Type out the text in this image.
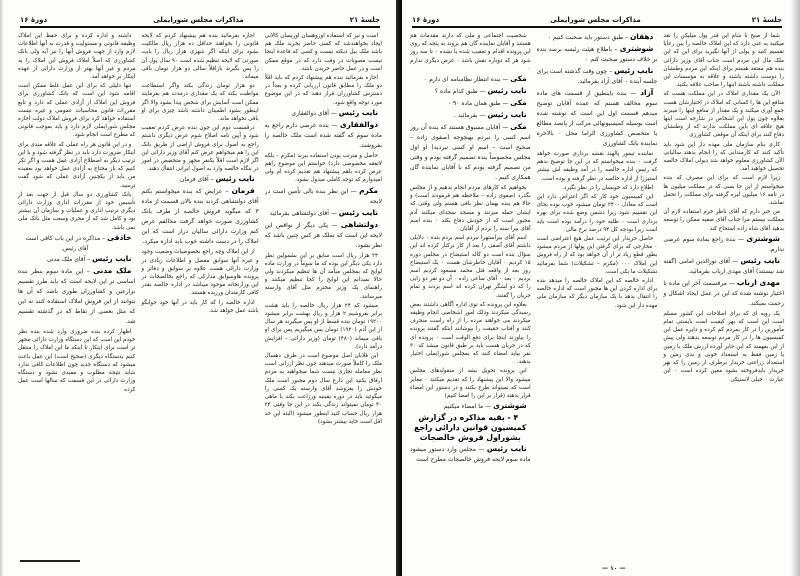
جلسهٔ ۲۱
مذاکرات مجلس شورایملی
دورهٔ ۱۶

است و نیز که استفاده اوزوهسان اوریسان کالانی ایجاد بخواهندشد که کسی حاضر بخرید ملک هم باشد ملک بیل دیکته نیست و کسی که قاعدهٔ اینجا نیست مصوبات در وقت دارد که در موقع ممکن است و در عمل حاضر خریدن باشد.

اجازه بفرمائید بنده هم پیشنهاد کردم که باید اقلاً دو ملک را مطابق قانون ارزیابی کرده و بعداً در دسترس کشاورزان قرار دهند که در این موضوع مورد توجه واقع شود.

نایب رئیس — آقای ذوالفقاری

ذوالفقاری — بنده عرضی دارم راجع به ماده سوم که گفته شده است ملک خالصه را بفروشند.

حاصل و مترتب بودن استفاده ببرند (مکرم – بلکه لاتفقه مخصوصی دارد) خواستم این موضوع راهم عرض کرده باهم پیشنهاد هم تقدیم کرده ام ولی امیدوارم که توجه کاملی مبذول بشود.

مکرم — این نظر بنده بالی تأمین است در لایحه

نایب رئیس — آقای دولتشاهی بفرمائید

دولتشاهی — یکی دیگر از نواقص این لایحه این است که تملک هر کس چنین باشد که نظر بشود.

۲۴ هزار ریال است سابق بر این بشمولین نظر دارد یکی دیگر این بوده که ما سوماً در وزارت ماده لوایح که بمجلس میآمد آن ها تنظیم میکردند ولی حالا نمیدانم این لوایح را کجا تنظیم میکنند و راهنمای یک وزیر محترم مثل آقای وارسته میرسانند.

میشود که ۲۴ هزار ریال خالصه را باید هشت برابر بفروشیم ۲ هزار و ریال بهشت برابر میشود ۱۹۲۰۰ تومان بنده قسط از او پس میگیرند هر سال از این آدم (۱۹۲۰) تومان پس میگیریم پس برای او باقی میماند (۴۸۰) تومان (وزیر دارائی – افزایش درآمد دارد).

این قلابان اصل موضوع است در طرف دهسال ملک را کاملاً صورت میدهند چون نظر ارزانی است نظر معامله تجاری نیست شما میخواهید به مردم ارفاق بکنید این ذارع سال دوم مجبور است ملک خودش را بفروشد آقای وارسته یک کسی را میگوئید باید در دوره یقینیه ورزاعت بکند با ماهی ۴۰ تومان نمیتواند زندگی بکند در این جا وقتی ۲۴ هزار ریال حساب کنید اینطور میشود (البته این حد اقل است خاید بیشتر بشود)

اجازه بفرمائید بنده هم پیشنهاد کردم که لایحه قانونی را بخواهند حداقل ده هزار ریال مالکیت بشود برای اینکه اگر شهری هزار ریال را بابت صورتی که لایحه تنظیم شده است ۹۰ سال پول آن را پس بگیرند بازاقلاً سالی دو هزار تومان باقی میماند.

دو هزار تومان زندگی بکند واگر استطاعت مواظبت بکند که یک مقداری درمدت هم بفرمایند ممکن است آسایش برای شخص پیدا بشود والا اگر اینطور بشود اطمینان داشته باشد چیزی برای او باقی نخواهد ماند.

درقسمت دوم این چون بنده عرض کردم تعقیب شود و آیین نامه اصلاح شوم عرض دیگری داشتم راجع به اصول برای فروش اراضی از طریق بانک این را هم میخواهم عرض کنم آقای وزیر دارائی این اگر لازم است اقلاً یکنفر مجهز و متخصص در امور در بنگاه خالصه وارد به اصول ایرانی انتقال دهند.

نایب رئیس – آقای فرمان

فرمان – عرایض که بنده میخواستم بکنم آقای دولتشاهی کردند بنده بالان قسمت از ماده ۳ که میگوید فروش خالصه از طرف بانک کشاورزی صورت خواهد گرفت مخالفم عرض کنم وزارت دارائی سالیان دراز است که این املاک را در دست داشته خوب باید اداره میکرد.

از این املاک وچه راجع بخصوصیات وضعیت وجود و غیره آنها سوابق مفصل و اطلاعات زیادی در وزارت دارائی هست علاوه بر سوابق و دفاتر و پرونده هاوسوابق مدارکی که راجع بخالصجات در این وزارتخانه موجود میباشد در اداره خالصه بقدر کافی کارمندان ورزیده هستند.

اداره خالصه را که کار باید در آنها خود جوابگو باشد عمل خواهد شد.

داشته و اداره کرده و برای حفظ این املاک وظیفه قانونی و مسئولیت و قدرت به آنها اطلاعات لازم وارد از جهت فروش آنها را نیز آیه ولی بانک کشاورزی که اصلاً املاک فروش این املاک را به مردم و غیر آنها بهتر از وزارت دارائی از عهده اینکار بر خواهد آمد.

تنها دلیلی که برای این عمل غلط ممکن است اقامه شود این است که بانک کشاورزی برای فروش این املاک از آزادی عملی که دارد و تابع مقررات قانون محاسبات عمومی و غیره نیست استفاده خواهد کرد برای فروش املاک دولت اجازه مجلس شورایملی لازم دارد و باید بموجب قانونی که مطرح است انجام شود.

و در این قانون هر راه عملی که علاقه مندی برای اینکار ضرورت دارد باید در نظر گرفته شود و با این ترتیب دیگر به اصطلاح آزادی عمل هست و اگر تکر کنیم که باز محتاج به آزادی عمل خواهد بود بعقیده من باید از یکچنین آزادی عملی که شود گفت ترسید.

بانک کشاورزی دو سال قبل از جهت بعد از تأسیس خود از مقررات اداری وزارت دارائی دیگری ترتیب اداری و عملیات و سازمان آن بیشتر بود و کامل شد که از مجری وسعت مثل بانک ملی نمی باشد.

حاذقی – مذاکره در این باب کافی است

آقای رئیس.

نایب رئیس – آقای ملک مدنی

ملک مدنی – این ماده سوم بنظر بنده اساسی تر این لایحه است که باید طرز تقسیم بزارعین و کشاورزان طوری باشد که آن ها بتوانند از این فروش املاک استفاده کنند نه این که مثل بعضی از نقاط که در گذشته تقسیم شد.

اظهار کرده بنده ضروری وارد شده بنده نظر خودم این است که این دستگاه وزارت دارائی مجهز تر است برای اینکار تا اینکه ما این املاک را منتقل کنیم بدستگاه دیگری (صحیح است) این عمل باعث میشود که دستگاه جدید چون اطلاعات کافی ندارد شاید نتیجه مطلوب و مفیدی نشود و دستگاه وزارت دارائی در این قسمت که سالها است عمل کرده

جلسهٔ ۲۱
مذاکرات مجلس شورایملی
دورهٔ ۱۶

شما از صبح تا شام این قدر پول میلیکن را نقد میکنید به عنی دارد که این املاک خالصه را بین رعایا تقسیم کنید و یولی از آنها نگیرید برای این که این ملک مال این مردم است جناب آقای وزیر دارائی بنده هم معتقد هستم برای اینکه این مردم وطنشان را دوست داشته باشند و علاقه به مؤسسات این مملکت داشته باشند اینها را صاحب علاقه بکنید.

الآن یک مقداری املاک در این مملکت هست که منافع این ها را کسانی که املاک در اختیارشان هست جمع آوری میکنند و یک مقدار از منافع اینها را میبرند بعلاوه چون پول این اشخاص در شارجه است اینها هیچ علاقه ای باین مملکت ندارند که از وطنشان دفاع کنند برای اینکه آن موقعی کشاورزی

کاری بنام سازمان ملی مهده دار این شود باید تأکید کنند که کارمندانی که را انجام بدهند سالیانی الآن کشاورزی معلوم خواهد شد دیولی املاک خالصه تحصیل خواهید آمد.

زیرا لازم است که برای این مصرف که بنده میخواستم از این جا بسی که در مملکت میلیون ها در تامه ۱۶ میلیون لیره گرفته برای مملکت را تحمل نماشد.

من خبر دارم که آقای ناظر خرم استفاده لازم آن مملکت نیستم مرا جناب آقای صفیه ممکن را توسعه بدهید آقای شاه زاده استحاج کند

شوشتری — بنده راجع بماده سوم عرضی ندارم.

نایب رئیس — آقای نورالدین امامی (گفته شد نیستند) آقای مهدی ارباب بفرمائید.

مهدی ارباب — مرقسمت آخر این ماده با اختیار نوشته شده که این در عمل ایجاد اشکال و زحمت بمیکند.

یک رویه ای که برای اصلاحات این کشور مسلم است این است که بهر کیفیت است بایستی تمام مأمورین را در کار بمردم کم کرده و دایره عمل این کمیسیون ها را در کار مردم توسعه بدهند ولی پیش از این بفهمند که این جابر آورده ارزش ملک با زمین یا زمین فقط به استعداد خوبی و بدی زمین و استعداد زراعتی خریدار برطرف از زمین را که بهر خریدار بایدفروخته بشود معین کرده است ۰ این عبارت ۰ خیلی لاستیکی

دهقان – طبق دستور باید صحبت کنیم ۰

شوشتری – باطلاع هیئت رئیسه برسد بنده بر خلاف دستور صحبت کنم ۰

نایب رئیس – چون وقت گذشته است برای جلسه آینده ۰ آقای آزاد بفرمائید.

آزاد — بنده باینطیق از قسمت های ماده سوم مخالف هستم که عمده آقایان توضیح میدهم قسمت اول این است که نوشته شده است بوسیله کمیسیونهائی مرکب از پانصد مطالع یا متخصص کشاورزی الزاما محل ۰ بالاخره نماینده بانک کشاورزی

نماینده تیمور پالهند نقشه برداری صورت خواهد گرفت ۰ بنده میخواستم که در این جا توضیح بدهم که رئیس اداره خالصه را در آمد وظیفه اش بیشتر استیزرا از اداره خالصه در نظر گرفته و بوده است.

اطلاع دارد که خوبسان را در نظر بگیرد.

این کمیسیون خود کار که اگر اعتراض دارد این است که معادل ۲۴۰۰ تومان میشود خوب بوده بجای این تقسیم شود زیرا دشمن وضع شده برای بهره برداری است ۰ طلبه خود را درآمد بوده است باید است زیرا بودجه کل ۹۴ درصد برخ مالی

حاصل خریدار این ترتیب عمل هیچ اعتراضی است ۰ مخارجی که برای گرفتن این پولها از مردم میشود بطور قطع زیاد تر از آن خواهد بود که از راه فروش این املاک ۰۰۰ (مکرم – تشکیلات) شما بفرمائید تشکیلات ما یکی است.

اداره خالصه که این املاک خالصه را میدهد بنده برای اداره کردن این ها مجبور است که اداره خالصه را انتقال بدهد با یک سازمان دیگر که سازمان ملی مهده دار این شود.

شخصیت اجتماعی و ملی که دارند مقدمات هم هستند و آقایان نماینده گان هم بروند به پنجه که روی این پرونده اقدام و تعقیب شده یا نشده ۰ تا سه روز شود هر که دوباره نقش باشد ۰ عرض دیگری ندارم ۰

مکی — بنده انتظار نظامنامه ای دارم ۰

نایب رئیس — طبق کدام ماده ؟

مکی — طبق همان ماده ۹۰ ۰

نایب رئیس — بفرمائید .

مکی — آقایان مسبوق هستند که بنده آن روز اسم کسی را نبردم بهیچوجه (صفوی زاده – صحیح است – اسم او کسی نبردید) او اول مجلس مخصوصاً بنده تصمیم گرفته بودم و وقتی من تصمیم گرفته بودم که با آقایان نماینده گان همکاری کنیم .

بخواهیم که کارهای مردم انجام بدهیم و از مجلس بگذرد (صفوی زاده – ملاحظه هم فرمودند است) و حالا هم بنده بهمان نظر باقی هستم ولی وقتی که ایشان حمله میزنند و مسجد سجدای میکنند آدم مجبور است که از خودش دفاع بکند ۰ بنده اسم آقای بیرا سنه را بردم از آقایان

اسم آقای بیراستهرا نبردم اسم بردم بنده ۰ دلایلی داشتم آقای آصفی را بعد از کار برکنار کرده اند این سؤال بنده است دو کاله استیضاح در مجلس دوره ۱۵ کردیم ۰ آقایان خاطرشان هست ۰ یک استیضاح روز بعد از واقعه قتل محمد مسعود کردیم اسم بردیم ۰ بعد ۰ آقای ساعی زاده ۰ آن دو نفر دو زایی را که دو لشگر تهران کرده اند اسم بردند و تمام جریان را گفتند.

بعلاوه این پرونده که توی اداره آگاهی داشتند بعض رسیدگی میکردند وذلک امور اشخاصی انجام وظیفه میکردند می خواهند مرده را از راه راست منحرف کنند و آفتاب حقیقت را بپوشانند اینکه گفتند پرونده را بیاورند اینجا برای دفع الوقت است ۰ پرونده ای که در جریان هست باید بر طبق قانون میشد که ۳۰ نفر بیاید امضاء کنند که بمجلس شورایملی اختیار بدهند.

این پرونده تحویل بشد از منقولدهای مجلس میشود والا این پیشنهاد را که تقدیم میکنند ۰ مغایر است که نمیتواند طرح بکنند و در دستور این امضاء قرار بدهند (قرار بر این را امضا کنیم)

شوشتری — ما امضاء میکنیم

۴ - بقیه مذاکره در گزارش کمیسیون قوانین دارائی راجع بشوراول فروش خالصجات

نایب رئیس — مجلس وارد دستور میشود ماده سوم لایحه فروش خالصجات مطرح است

— ۱۰ —
